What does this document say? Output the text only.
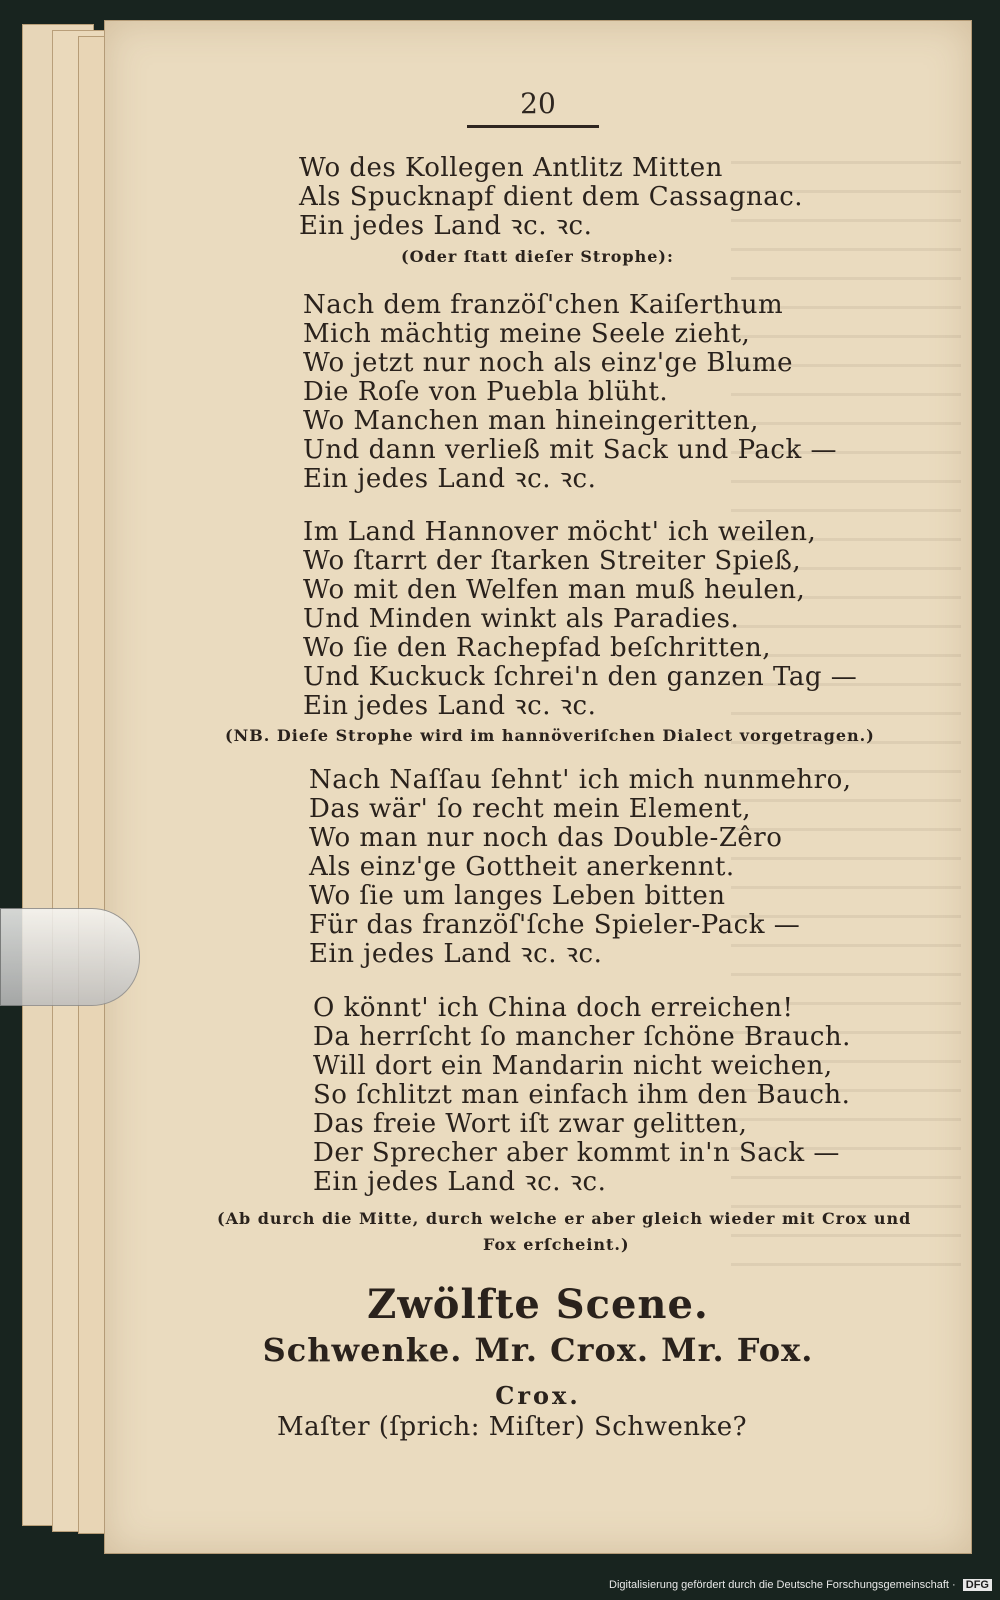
20

Wo des Kollegen Antlitz Mitten

Als Spucknapf dient dem Cassagnac.

Ein jedes Land ꝛc. ꝛc.

(Oder ſtatt dieſer Strophe):

Nach dem franzöſ'chen Kaiſerthum

Mich mächtig meine Seele zieht,

Wo jetzt nur noch als einz'ge Blume

Die Roſe von Puebla blüht.

Wo Manchen man hineingeritten,

Und dann verließ mit Sack und Pack —

Ein jedes Land ꝛc. ꝛc.

Im Land Hannover möcht' ich weilen,

Wo ſtarrt der ſtarken Streiter Spieß,

Wo mit den Welfen man muß heulen,

Und Minden winkt als Paradies.

Wo ſie den Rachepfad beſchritten,

Und Kuckuck ſchrei'n den ganzen Tag —

Ein jedes Land ꝛc. ꝛc.

(NB. Dieſe Strophe wird im hannöveriſchen Dialect vorgetragen.)

Nach Naſſau ſehnt' ich mich nunmehro,

Das wär' ſo recht mein Element,

Wo man nur noch das Double-Zêro

Als einz'ge Gottheit anerkennt.

Wo ſie um langes Leben bitten

Für das franzöſ'ſche Spieler-Pack —

Ein jedes Land ꝛc. ꝛc.

O könnt' ich China doch erreichen!

Da herrſcht ſo mancher ſchöne Brauch.

Will dort ein Mandarin nicht weichen,

So ſchlitzt man einfach ihm den Bauch.

Das freie Wort iſt zwar gelitten,

Der Sprecher aber kommt in'n Sack —

Ein jedes Land ꝛc. ꝛc.

(Ab durch die Mitte, durch welche er aber gleich wieder mit Crox und

Fox erſcheint.)

Zwölfte Scene.

Schwenke. Mr. Crox. Mr. Fox.

Crox.

Maſter (ſprich: Miſter) Schwenke?

Digitalisierung gefördert durch die Deutsche Forschungsgemeinschaft · DFG
